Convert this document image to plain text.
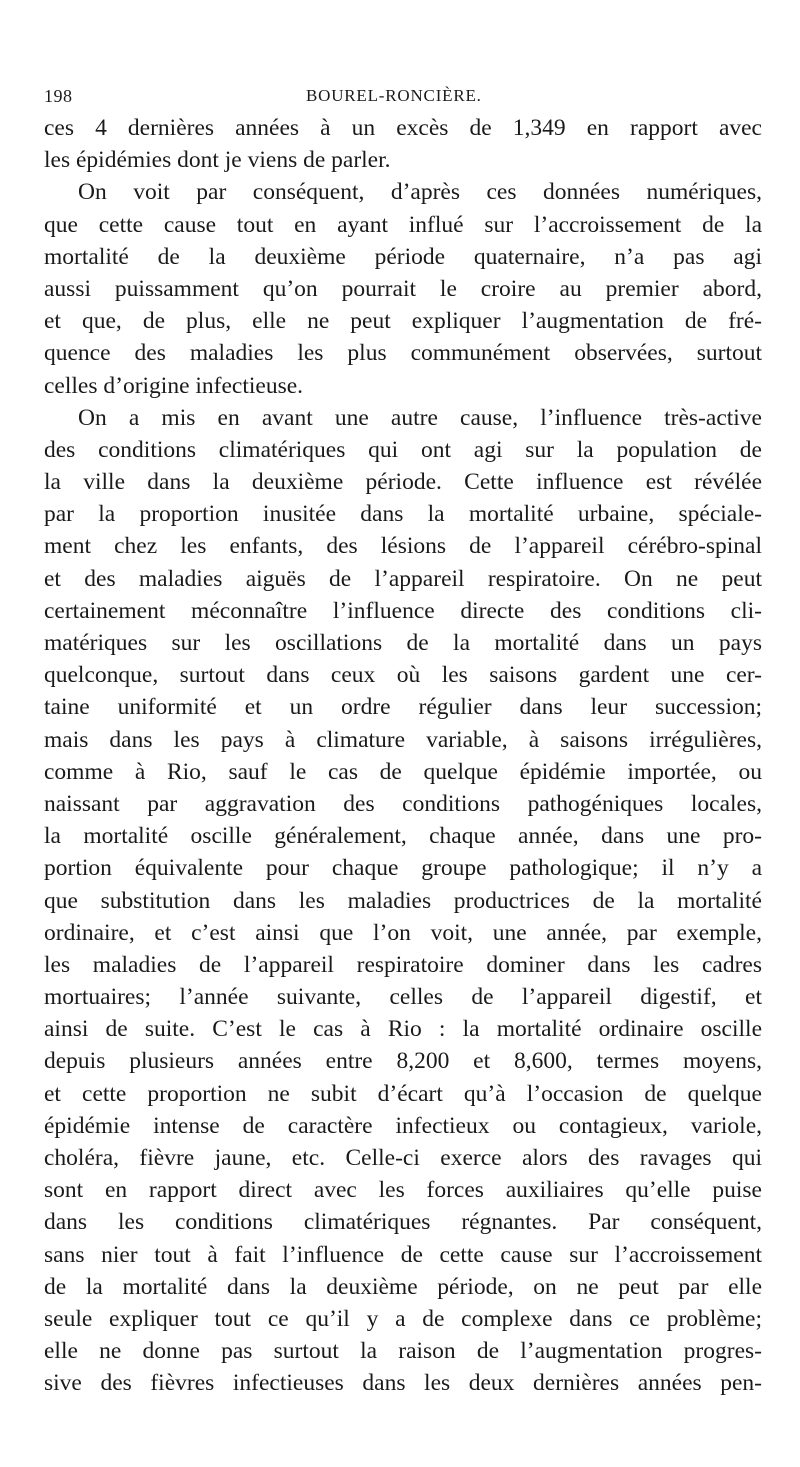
198	BOUREL-RONCIÈRE.
ces 4 dernières années à un excès de 1,349 en rapport avec
les épidémies dont je viens de parler.
On voit par conséquent, d’après ces données numériques,
que cette cause tout en ayant influé sur l’accroissement de la
mortalité de la deuxième période quaternaire, n’a pas agi
aussi puissamment qu’on pourrait le croire au premier abord,
et que, de plus, elle ne peut expliquer l’augmentation de fré-
quence des maladies les plus communément observées, surtout
celles d’origine infectieuse.
On a mis en avant une autre cause, l’influence très-active
des conditions climatériques qui ont agi sur la population de
la ville dans la deuxième période. Cette influence est révélée
par la proportion inusitée dans la mortalité urbaine, spéciale-
ment chez les enfants, des lésions de l’appareil cérébro-spinal
et des maladies aiguës de l’appareil respiratoire. On ne peut
certainement méconnaître l’influence directe des conditions cli-
matériques sur les oscillations de la mortalité dans un pays
quelconque, surtout dans ceux où les saisons gardent une cer-
taine uniformité et un ordre régulier dans leur succession;
mais dans les pays à climature variable, à saisons irrégulières,
comme à Rio, sauf le cas de quelque épidémie importée, ou
naissant par aggravation des conditions pathogéniques locales,
la mortalité oscille généralement, chaque année, dans une pro-
portion équivalente pour chaque groupe pathologique; il n’y a
que substitution dans les maladies productrices de la mortalité
ordinaire, et c’est ainsi que l’on voit, une année, par exemple,
les maladies de l’appareil respiratoire dominer dans les cadres
mortuaires; l’année suivante, celles de l’appareil digestif, et
ainsi de suite. C’est le cas à Rio : la mortalité ordinaire oscille
depuis plusieurs années entre 8,200 et 8,600, termes moyens,
et cette proportion ne subit d’écart qu’à l’occasion de quelque
épidémie intense de caractère infectieux ou contagieux, variole,
choléra, fièvre jaune, etc. Celle-ci exerce alors des ravages qui
sont en rapport direct avec les forces auxiliaires qu’elle puise
dans les conditions climatériques régnantes. Par conséquent,
sans nier tout à fait l’influence de cette cause sur l’accroissement
de la mortalité dans la deuxième période, on ne peut par elle
seule expliquer tout ce qu’il y a de complexe dans ce problème;
elle ne donne pas surtout la raison de l’augmentation progres-
sive des fièvres infectieuses dans les deux dernières années pen-
